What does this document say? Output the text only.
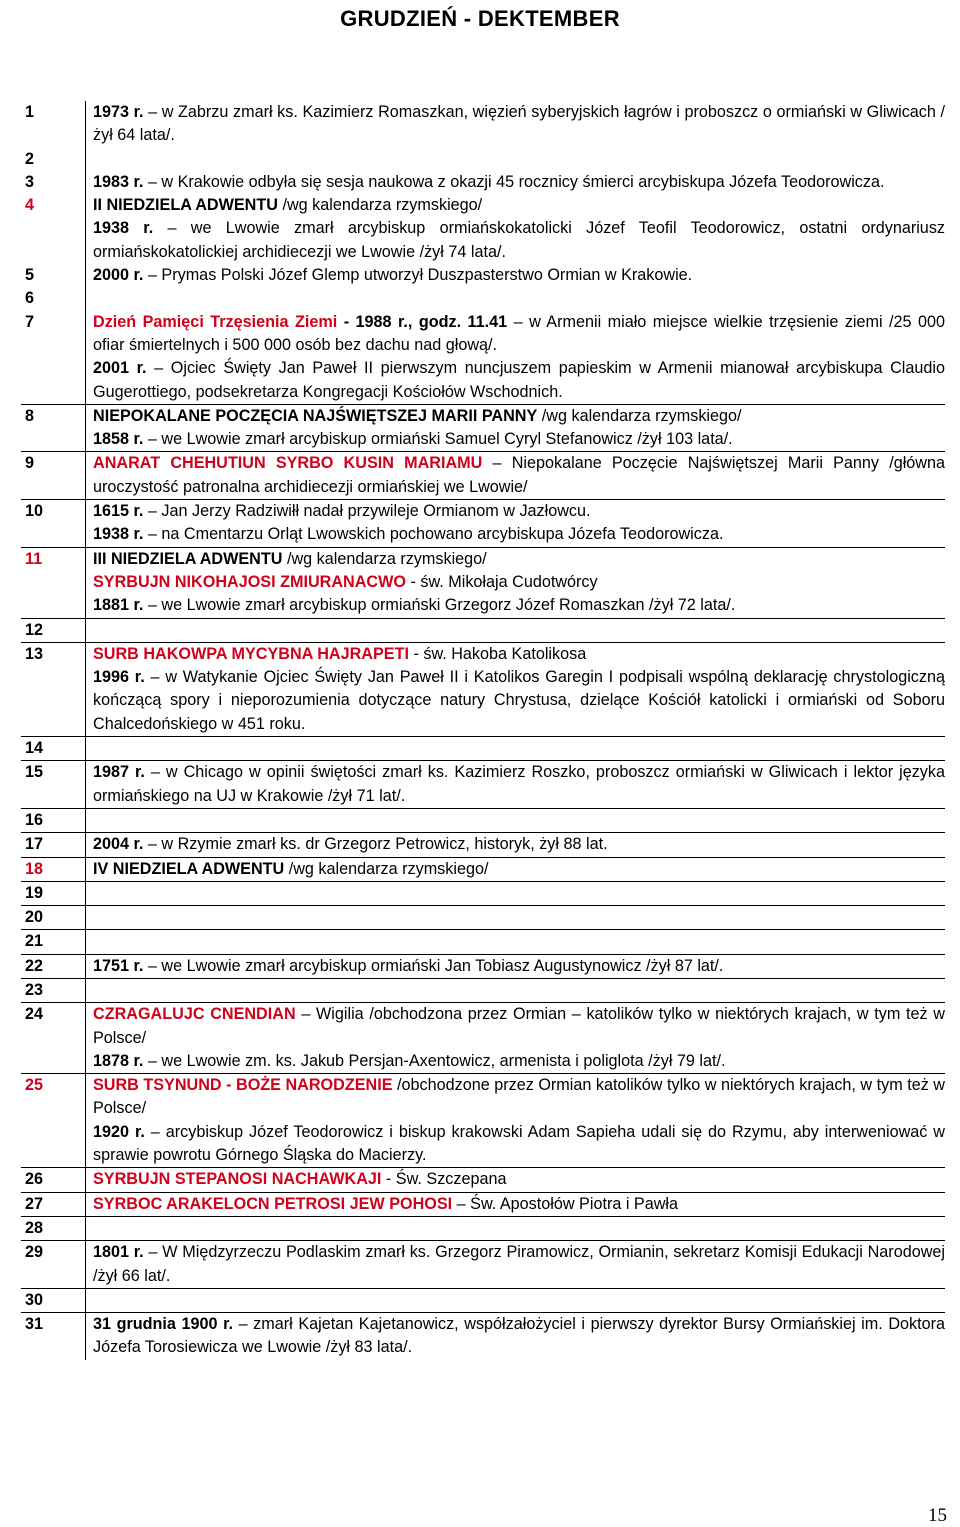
GRUDZIEŃ - DEKTEMBER
1	1973 r. – w Zabrzu zmarł ks. Kazimierz Romaszkan, więzień syberyjskich łagrów i proboszcz o ormiański w Gliwicach /żył 64 lata/.

2	
3	1983 r. – w Krakowie odbyła się sesja naukowa z okazji 45 rocznicy śmierci arcybiskupa Józefa Teodorowicza.

4	II NIEDZIELA ADWENTU /wg kalendarza rzymskiego/
1938 r. – we Lwowie zmarł arcybiskup ormiańskokatolicki Józef Teofil Teodorowicz, ostatni ordynariusz ormiańskokatolickiej archidiecezji we Lwowie /żył 74 lata/.

5	2000 r. – Prymas Polski Józef Glemp utworzył Duszpasterstwo Ormian w Krakowie.

6	
7	Dzień Pamięci Trzęsienia Ziemi - 1988 r., godz. 11.41 – w Armenii miało miejsce wielkie trzęsienie ziemi /25 000 ofiar śmiertelnych i 500 000 osób bez dachu nad głową/.
2001 r. – Ojciec Święty Jan Paweł II pierwszym nuncjuszem papieskim w Armenii mianował arcybiskupa Claudio Gugerottiego, podsekretarza Kongregacji Kościołów Wschodnich.

8	NIEPOKALANE POCZĘCIA NAJŚWIĘTSZEJ MARII PANNY /wg kalendarza rzymskiego/
1858 r. – we Lwowie zmarł arcybiskup ormiański Samuel Cyryl Stefanowicz /żył 103 lata/.

9	ANARAT CHEHUTIUN SYRBO KUSIN MARIAMU – Niepokalane Poczęcie Najświętszej Marii Panny /główna uroczystość patronalna archidiecezji ormiańskiej we Lwowie/

10	1615 r. – Jan Jerzy Radziwiłł nadał przywileje Ormianom w Jazłowcu.
1938 r. – na Cmentarzu Orląt Lwowskich pochowano arcybiskupa Józefa Teodorowicza.

11	III NIEDZIELA ADWENTU /wg kalendarza rzymskiego/
SYRBUJN NIKOHAJOSI ZMIURANACWO - św. Mikołaja Cudotwórcy
1881 r. – we Lwowie zmarł arcybiskup ormiański Grzegorz Józef Romaszkan /żył 72 lata/.

12	
13	SURB HAKOWPA MYCYBNA HAJRAPETI - św. Hakoba Katolikosa
1996 r. – w Watykanie Ojciec Święty Jan Paweł II i Katolikos Garegin I podpisali wspólną deklarację chrystologiczną kończącą spory i nieporozumienia dotyczące natury Chrystusa, dzielące Kościół katolicki i ormiański od Soboru Chalcedońskiego w 451 roku.

14	
15	1987 r. – w Chicago w opinii świętości zmarł ks. Kazimierz Roszko, proboszcz ormiański w Gliwicach i lektor języka ormiańskiego na UJ w Krakowie /żył 71 lat/.

16	
17	2004 r. – w Rzymie zmarł ks. dr Grzegorz Petrowicz, historyk, żył 88 lat.

18	IV NIEDZIELA ADWENTU /wg kalendarza rzymskiego/

19	
20	
21	
22	1751 r. – we Lwowie zmarł arcybiskup ormiański Jan Tobiasz Augustynowicz /żył 87 lat/.

23	
24	CZRAGALUJC CNENDIAN – Wigilia /obchodzona przez Ormian – katolików tylko w niektórych krajach, w tym też w Polsce/
1878 r. – we Lwowie zm. ks. Jakub Persjan-Axentowicz, armenista i poliglota /żył 79 lat/.

25	SURB TSYNUND - BOŻE NARODZENIE /obchodzone przez Ormian katolików tylko w niektórych krajach, w tym też w Polsce/
1920 r. – arcybiskup Józef Teodorowicz i biskup krakowski Adam Sapieha udali się do Rzymu, aby interweniować w sprawie powrotu Górnego Śląska do Macierzy.

26	SYRBUJN STEPANOSI NACHAWKAJI - Św. Szczepana

27	SYRBOC ARAKELOCN PETROSI JEW POHOSI – Św. Apostołów Piotra i Pawła

28	
29	1801 r. – W Międzyrzeczu Podlaskim zmarł ks. Grzegorz Piramowicz, Ormianin, sekretarz Komisji Edukacji Narodowej /żył 66 lat/.

30	
31	31 grudnia 1900 r. – zmarł Kajetan Kajetanowicz, współzałożyciel i pierwszy dyrektor Bursy Ormiańskiej im. Doktora Józefa Torosiewicza we Lwowie /żył 83 lata/.
15
